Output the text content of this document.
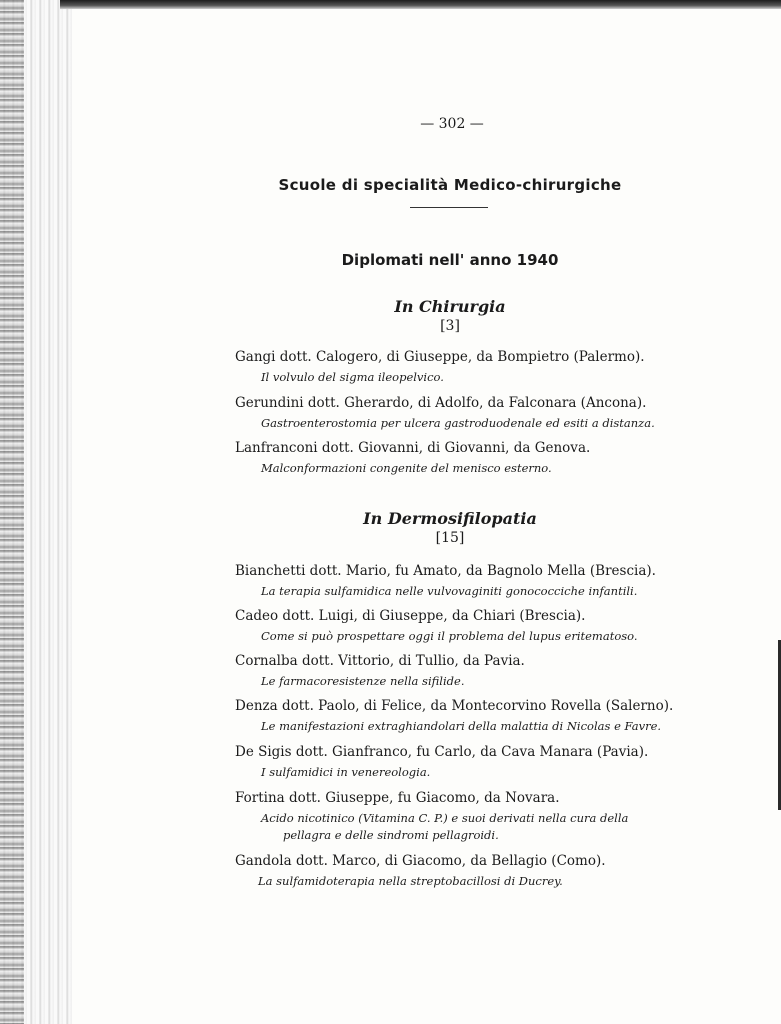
— 302 —
Scuole di specialità Medico-chirurgiche
Diplomati nell' anno 1940
In Chirurgia
[3]
Gangi dott. Calogero, di Giuseppe, da Bompietro (Palermo).
Il volvulo del sigma ileopelvico.
Gerundini dott. Gherardo, di Adolfo, da Falconara (Ancona).
Gastroenterostomia per ulcera gastroduodenale ed esiti a distanza.
Lanfranconi dott. Giovanni, di Giovanni, da Genova.
Malconformazioni congenite del menisco esterno.
In Dermosifilopatia
[15]
Bianchetti dott. Mario, fu Amato, da Bagnolo Mella (Brescia).
La terapia sulfamidica nelle vulvovaginiti gonococciche infantili.
Cadeo dott. Luigi, di Giuseppe, da Chiari (Brescia).
Come si può prospettare oggi il problema del lupus eritematoso.
Cornalba dott. Vittorio, di Tullio, da Pavia.
Le farmacoresistenze nella sifilide.
Denza dott. Paolo, di Felice, da Montecorvino Rovella (Salerno).
Le manifestazioni extraghiandolari della malattia di Nicolas e Favre.
De Sigis dott. Gianfranco, fu Carlo, da Cava Manara (Pavia).
I sulfamidici in venereologia.
Fortina dott. Giuseppe, fu Giacomo, da Novara.
Acido nicotinico (Vitamina C. P.) e suoi derivati nella cura della
pellagra e delle sindromi pellagroidi.
Gandola dott. Marco, di Giacomo, da Bellagio (Como).
La sulfamidoterapia nella streptobacillosi di Ducrey.
